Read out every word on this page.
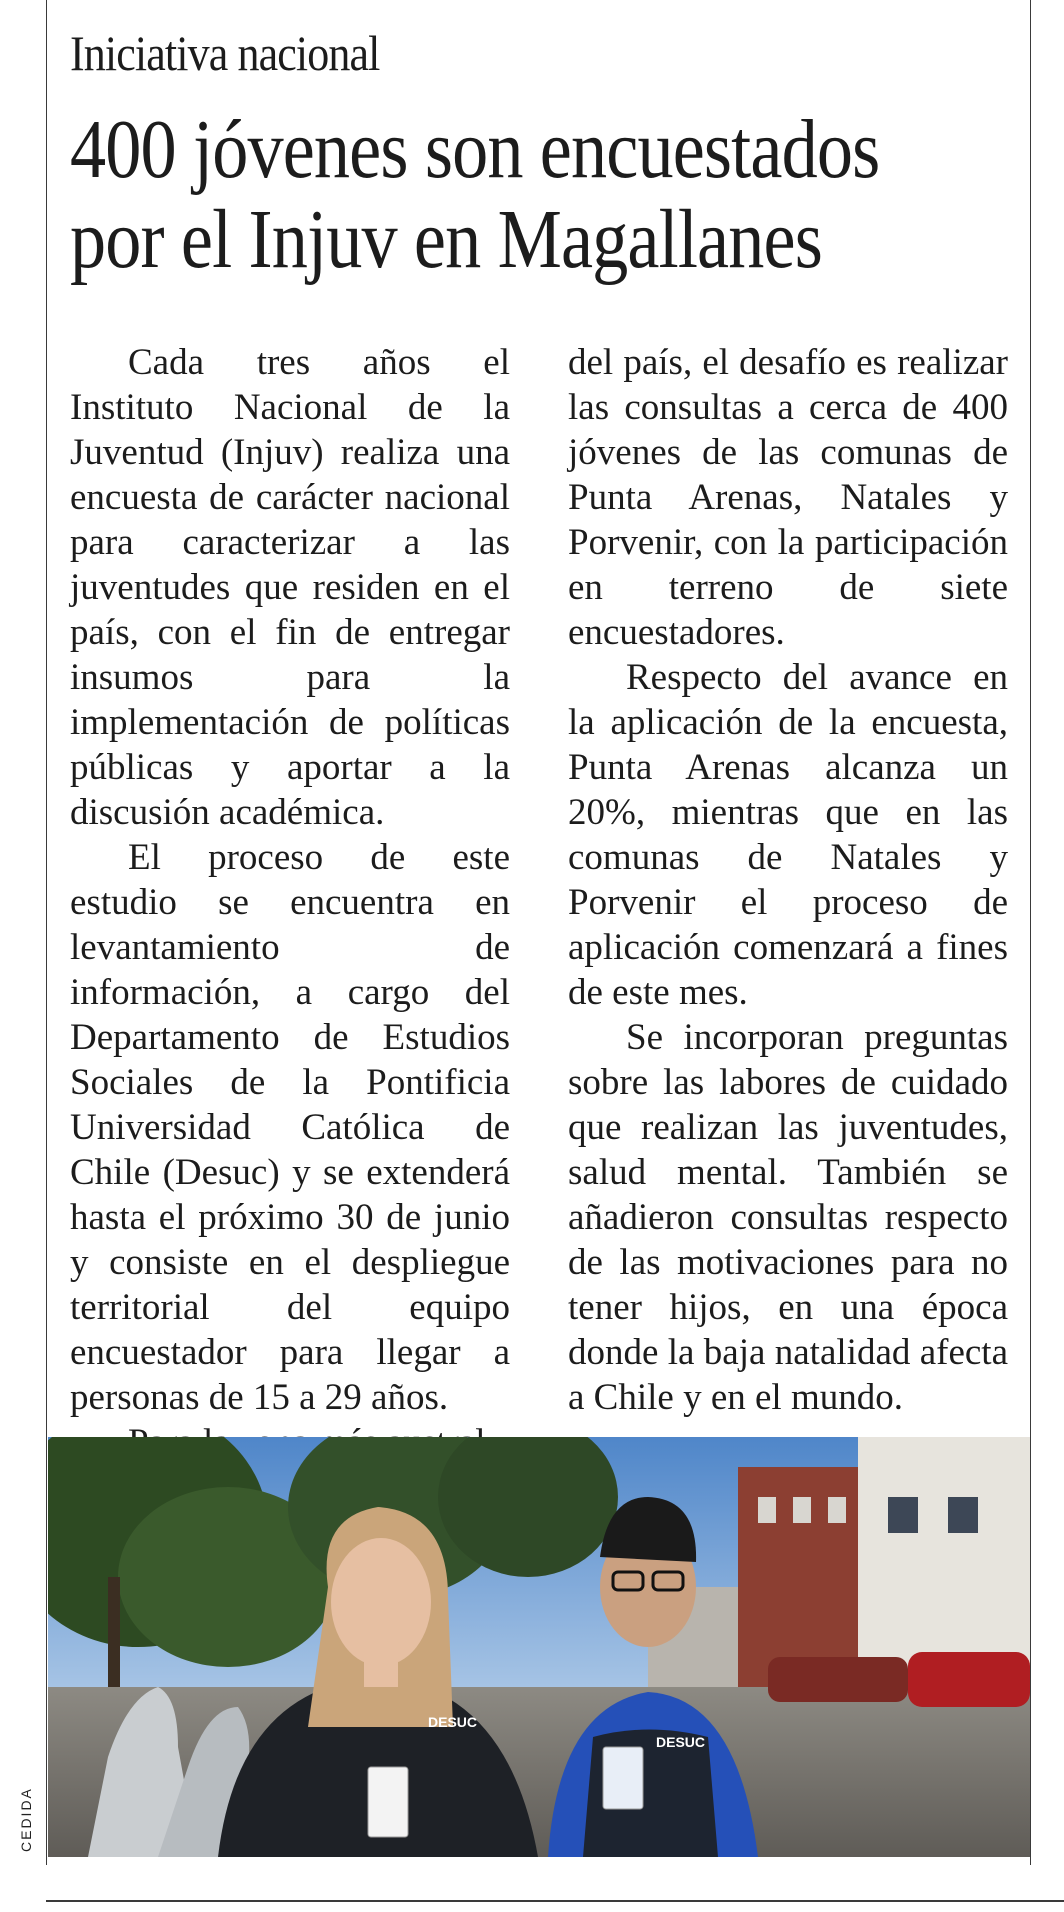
Iniciativa nacional
400 jóvenes son encuestados
por el Injuv en Magallanes

Cada tres años el Instituto Nacional de la Juventud (Injuv) realiza una encuesta de carácter nacional para caracterizar a las juventudes que residen en el país, con el fin de entregar insumos para la implementación de políticas públicas y aportar a la discusión académica.

El proceso de este estudio se encuentra en levantamiento de información, a cargo del Departamento de Estudios Sociales de la Pontificia Universidad Católica de Chile (Desuc) y se extenderá hasta el próximo 30 de junio y consiste en el despliegue territorial del equipo encuestador para llegar a personas de 15 a 29 años.

del país, el desafío es realizar las consultas a cerca de 400 jóvenes de las comunas de Punta Arenas, Natales y Porvenir, con la participación en terreno de siete encuestadores.

Respecto del avance en la aplicación de la encuesta, Punta Arenas alcanza un 20%, mientras que en las comunas de Natales y Porvenir el proceso de aplicación comenzará a fines de este mes.

Se incorporan preguntas sobre las labores de cuidado que realizan las juventudes, salud mental. También se añadieron consultas respecto de las motivaciones para no tener hijos, en una época donde la baja natalidad afecta a Chile y en el mundo.

DESUC
DESUC
CEDIDA
